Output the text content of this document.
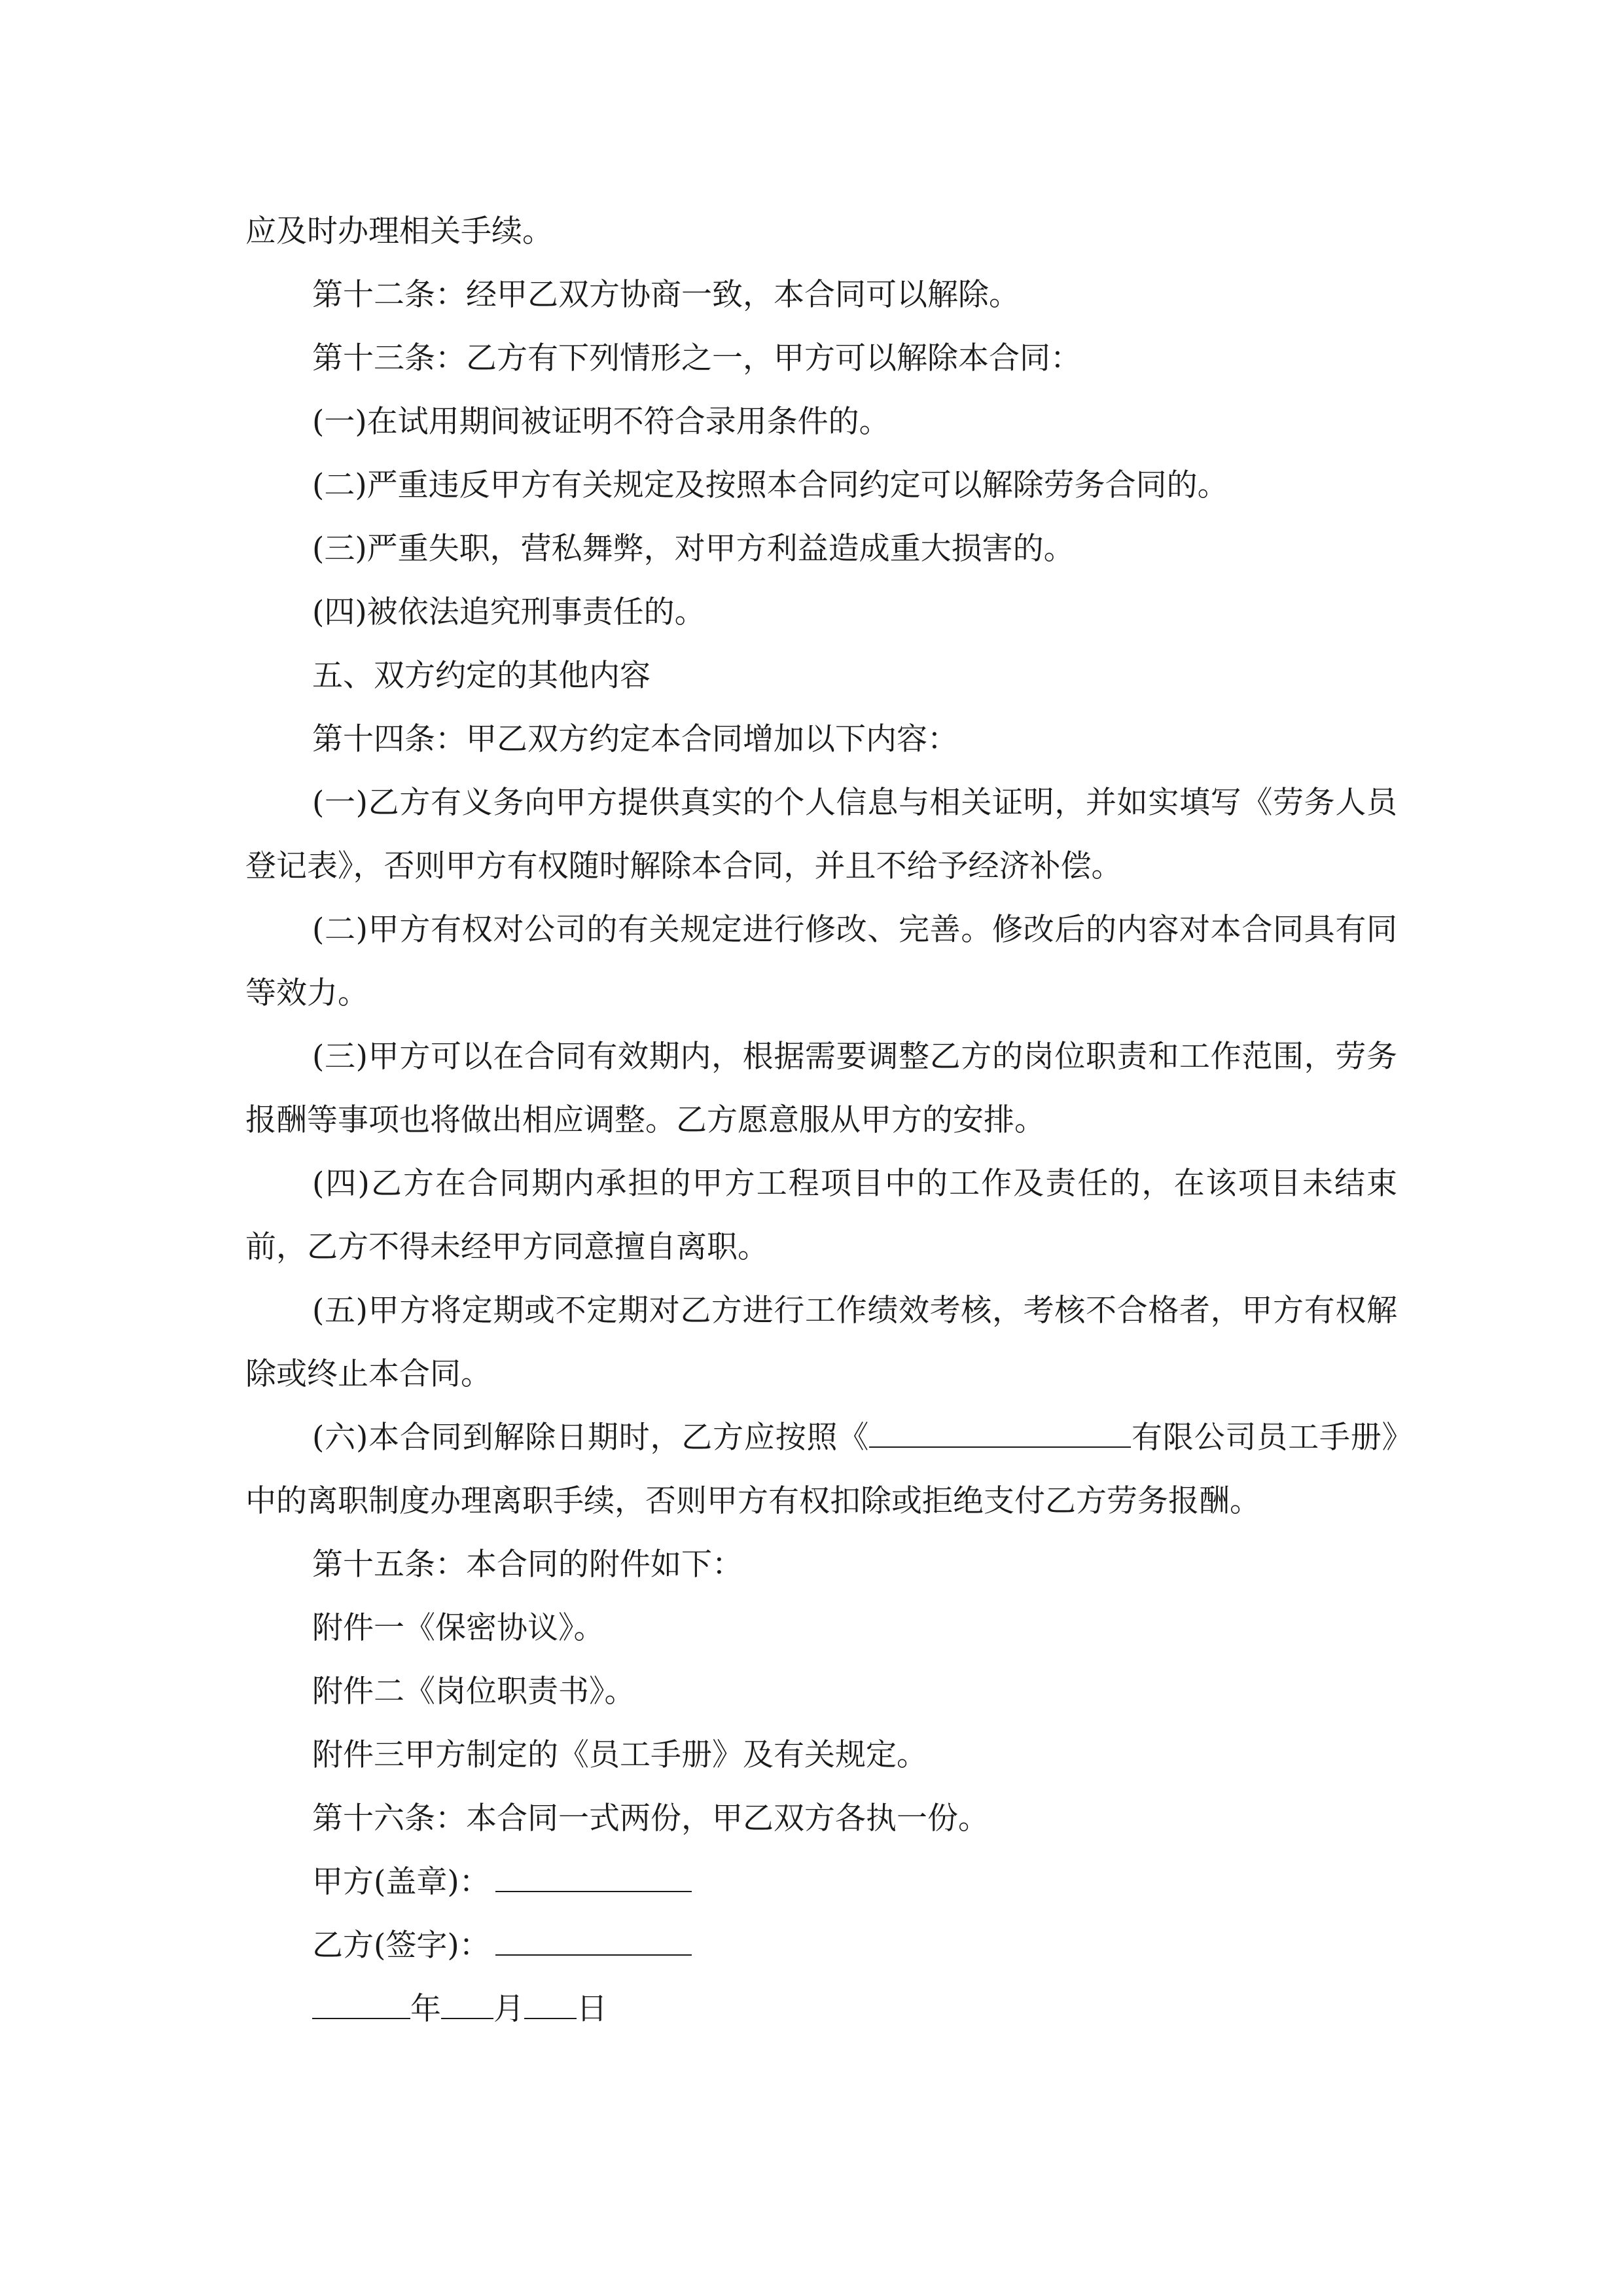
应及时办理相关手续。

第十二条：经甲乙双方协商一致，本合同可以解除。

第十三条：乙方有下列情形之一，甲方可以解除本合同：

(一)在试用期间被证明不符合录用条件的。

(二)严重违反甲方有关规定及按照本合同约定可以解除劳务合同的。

(三)严重失职，营私舞弊，对甲方利益造成重大损害的。

(四)被依法追究刑事责任的。

五、双方约定的其他内容

第十四条：甲乙双方约定本合同增加以下内容：

(一)乙方有义务向甲方提供真实的个人信息与相关证明，并如实填写《劳务人员登记表》，否则甲方有权随时解除本合同，并且不给予经济补偿。

(二)甲方有权对公司的有关规定进行修改、完善。修改后的内容对本合同具有同等效力。

(三)甲方可以在合同有效期内，根据需要调整乙方的岗位职责和工作范围，劳务报酬等事项也将做出相应调整。乙方愿意服从甲方的安排。

(四)乙方在合同期内承担的甲方工程项目中的工作及责任的，在该项目未结束前，乙方不得未经甲方同意擅自离职。

(五)甲方将定期或不定期对乙方进行工作绩效考核，考核不合格者，甲方有权解除或终止本合同。

(六)本合同到解除日期时，乙方应按照《	有限公司员工手册》中的离职制度办理离职手续，否则甲方有权扣除或拒绝支付乙方劳务报酬。

第十五条：本合同的附件如下：

附件一《保密协议》。

附件二《岗位职责书》。

附件三甲方制定的《员工手册》及有关规定。

第十六条：本合同一式两份，甲乙双方各执一份。

甲方(盖章)：

乙方(签字)：

年 月 日
